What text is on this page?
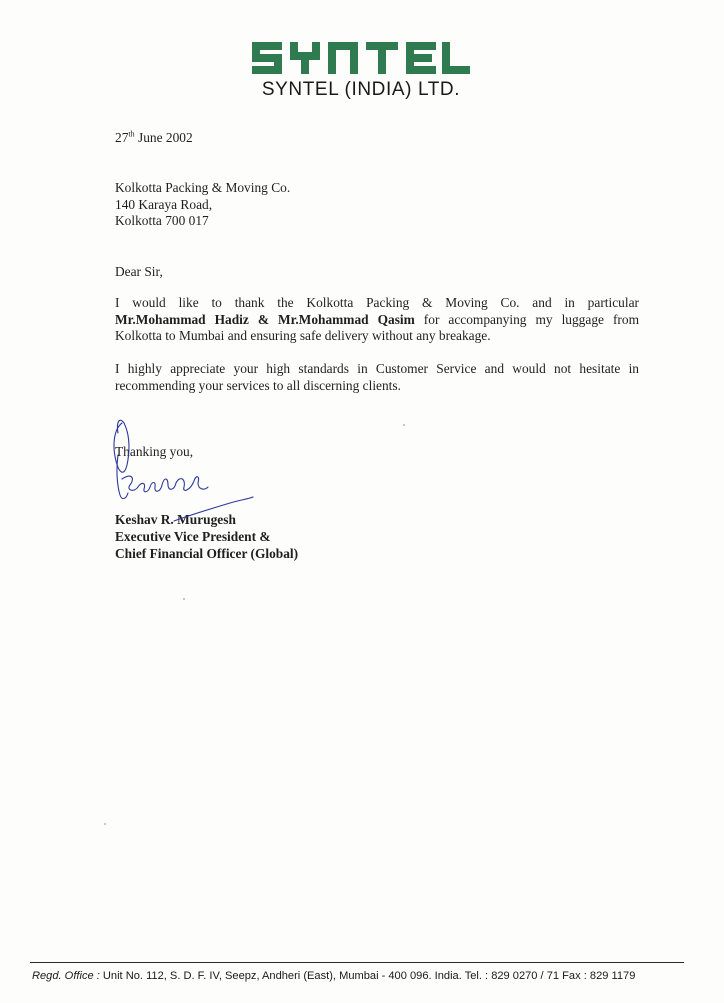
SYNTEL (INDIA) LTD.
27th June 2002
Kolkotta Packing & Moving Co.
140 Karaya Road,
Kolkotta 700 017
Dear Sir,
I would like to thank the Kolkotta Packing & Moving Co. and in particular
Mr.Mohammad Hadiz & Mr.Mohammad Qasim for accompanying my luggage from
Kolkotta to Mumbai and ensuring safe delivery without any breakage.
I highly appreciate your high standards in Customer Service and would not hesitate in
recommending your services to all discerning clients.
Thanking you,
Keshav R. Murugesh
Executive Vice President &
Chief Financial Officer (Global)
Regd. Office : Unit No. 112, S. D. F. IV, Seepz, Andheri (East), Mumbai - 400 096. India. Tel. : 829 0270 / 71 Fax : 829 1179
